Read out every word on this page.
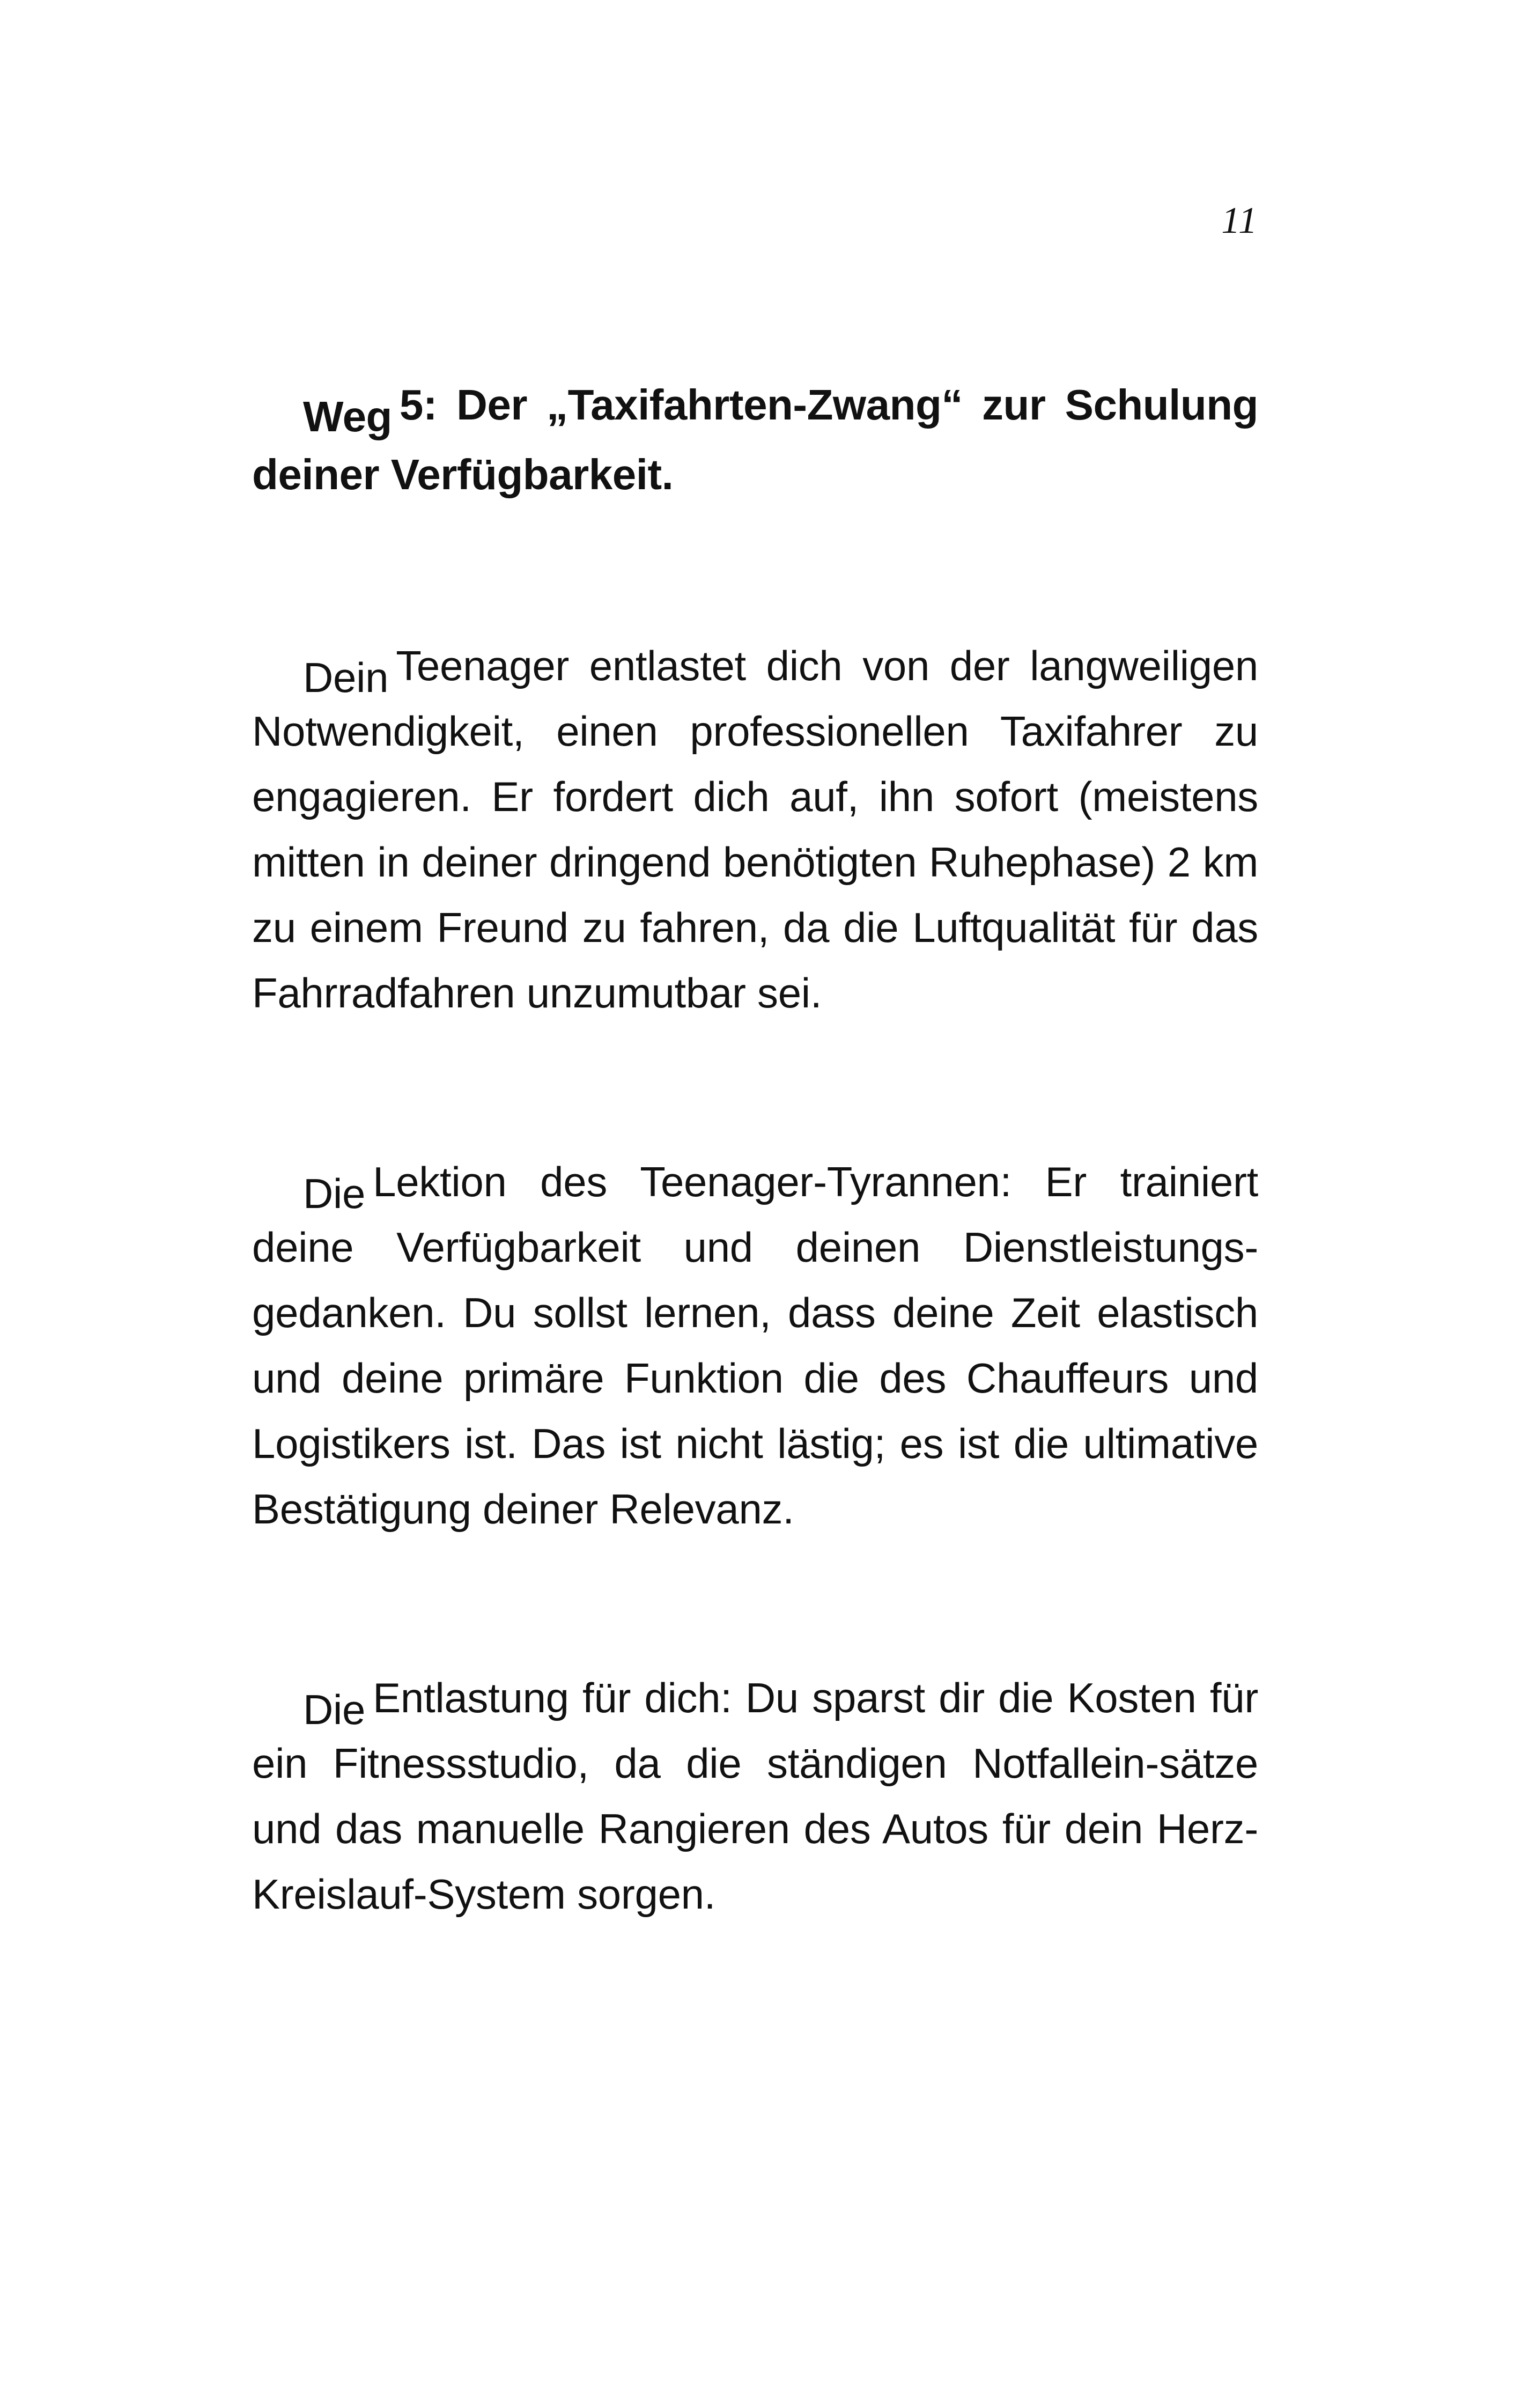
11

Weg 5: Der „Taxifahrten-Zwang“ zur Schulung deiner Verfügbarkeit.

Dein Teenager entlastet dich von der langweiligen Notwendigkeit, einen professionellen Taxifahrer zu engagieren. Er fordert dich auf, ihn sofort (meistens mitten in deiner dringend benötigten Ruhephase) 2 km zu einem Freund zu fahren, da die Luftqualität für das Fahrradfahren unzumutbar sei.

Die Lektion des Teenager-Tyrannen: Er trainiert deine Verfügbarkeit und deinen Dienstleistungs-gedanken. Du sollst lernen, dass deine Zeit elastisch und deine primäre Funktion die des Chauffeurs und Logistikers ist. Das ist nicht lästig; es ist die ultimative Bestätigung deiner Relevanz.

Die Entlastung für dich: Du sparst dir die Kosten für ein Fitnessstudio, da die ständigen Notfallein-sätze und das manuelle Rangieren des Autos für dein Herz-Kreislauf-System sorgen.
